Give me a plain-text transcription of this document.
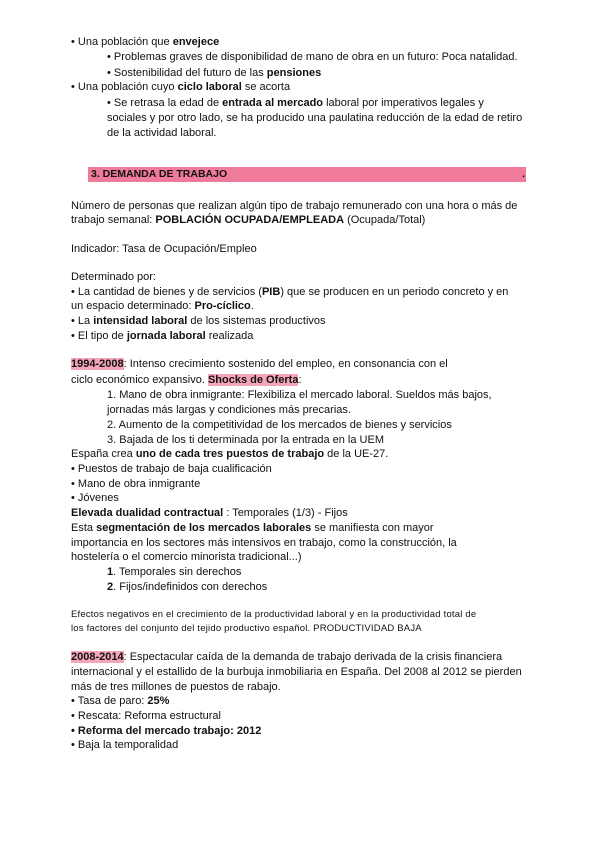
• Una población que envejece
• Problemas graves de disponibilidad de mano de obra en un futuro: Poca natalidad.
• Sostenibilidad del futuro de las pensiones
• Una población cuyo ciclo laboral se acorta
• Se retrasa la edad de entrada al mercado laboral por imperativos legales y
sociales y por otro lado, se ha producido una paulatina reducción de la edad de retiro
de la actividad laboral.
3. DEMANDA DE TRABAJO	.
Número de personas que realizan algún tipo de trabajo remunerado con una hora o más de
trabajo semanal: POBLACIÓN OCUPADA/EMPLEADA (Ocupada/Total)
Indicador: Tasa de Ocupación/Empleo
Determinado por:
• La cantidad de bienes y de servicios (PIB) que se producen en un periodo concreto y en
un espacio determinado: Pro-cíclico.
• La intensidad laboral de los sistemas productivos
• El tipo de jornada laboral realizada
1994-2008: Intenso crecimiento sostenido del empleo, en consonancia con el
ciclo económico expansivo. Shocks de Oferta:
1. Mano de obra inmigrante: Flexibiliza el mercado laboral. Sueldos más bajos,
jornadas más largas y condiciones más precarias.
2. Aumento de la competitividad de los mercados de bienes y servicios
3. Bajada de los ti determinada por la entrada en la UEM
España crea uno de cada tres puestos de trabajo de la UE-27.
• Puestos de trabajo de baja cualificación
• Mano de obra inmigrante
• Jóvenes
Elevada dualidad contractual : Temporales (1/3) - Fijos
Esta segmentación de los mercados laborales se manifiesta con mayor
importancia en los sectores más intensivos en trabajo, como la construcción, la
hostelería o el comercio minorista tradicional...)
1. Temporales sin derechos
2. Fijos/indefinidos con derechos
Efectos negativos en el crecimiento de la productividad laboral y en la productividad total de
los factores del conjunto del tejido productivo español. PRODUCTIVIDAD BAJA
2008-2014: Espectacular caída de la demanda de trabajo derivada de la crisis financiera
internacional y el estallido de la burbuja inmobiliaria en España. Del 2008 al 2012 se pierden
más de tres millones de puestos de rabajo.
• Tasa de paro: 25%
• Rescata: Reforma estructural
• Reforma del mercado trabajo: 2012
• Baja la temporalidad
